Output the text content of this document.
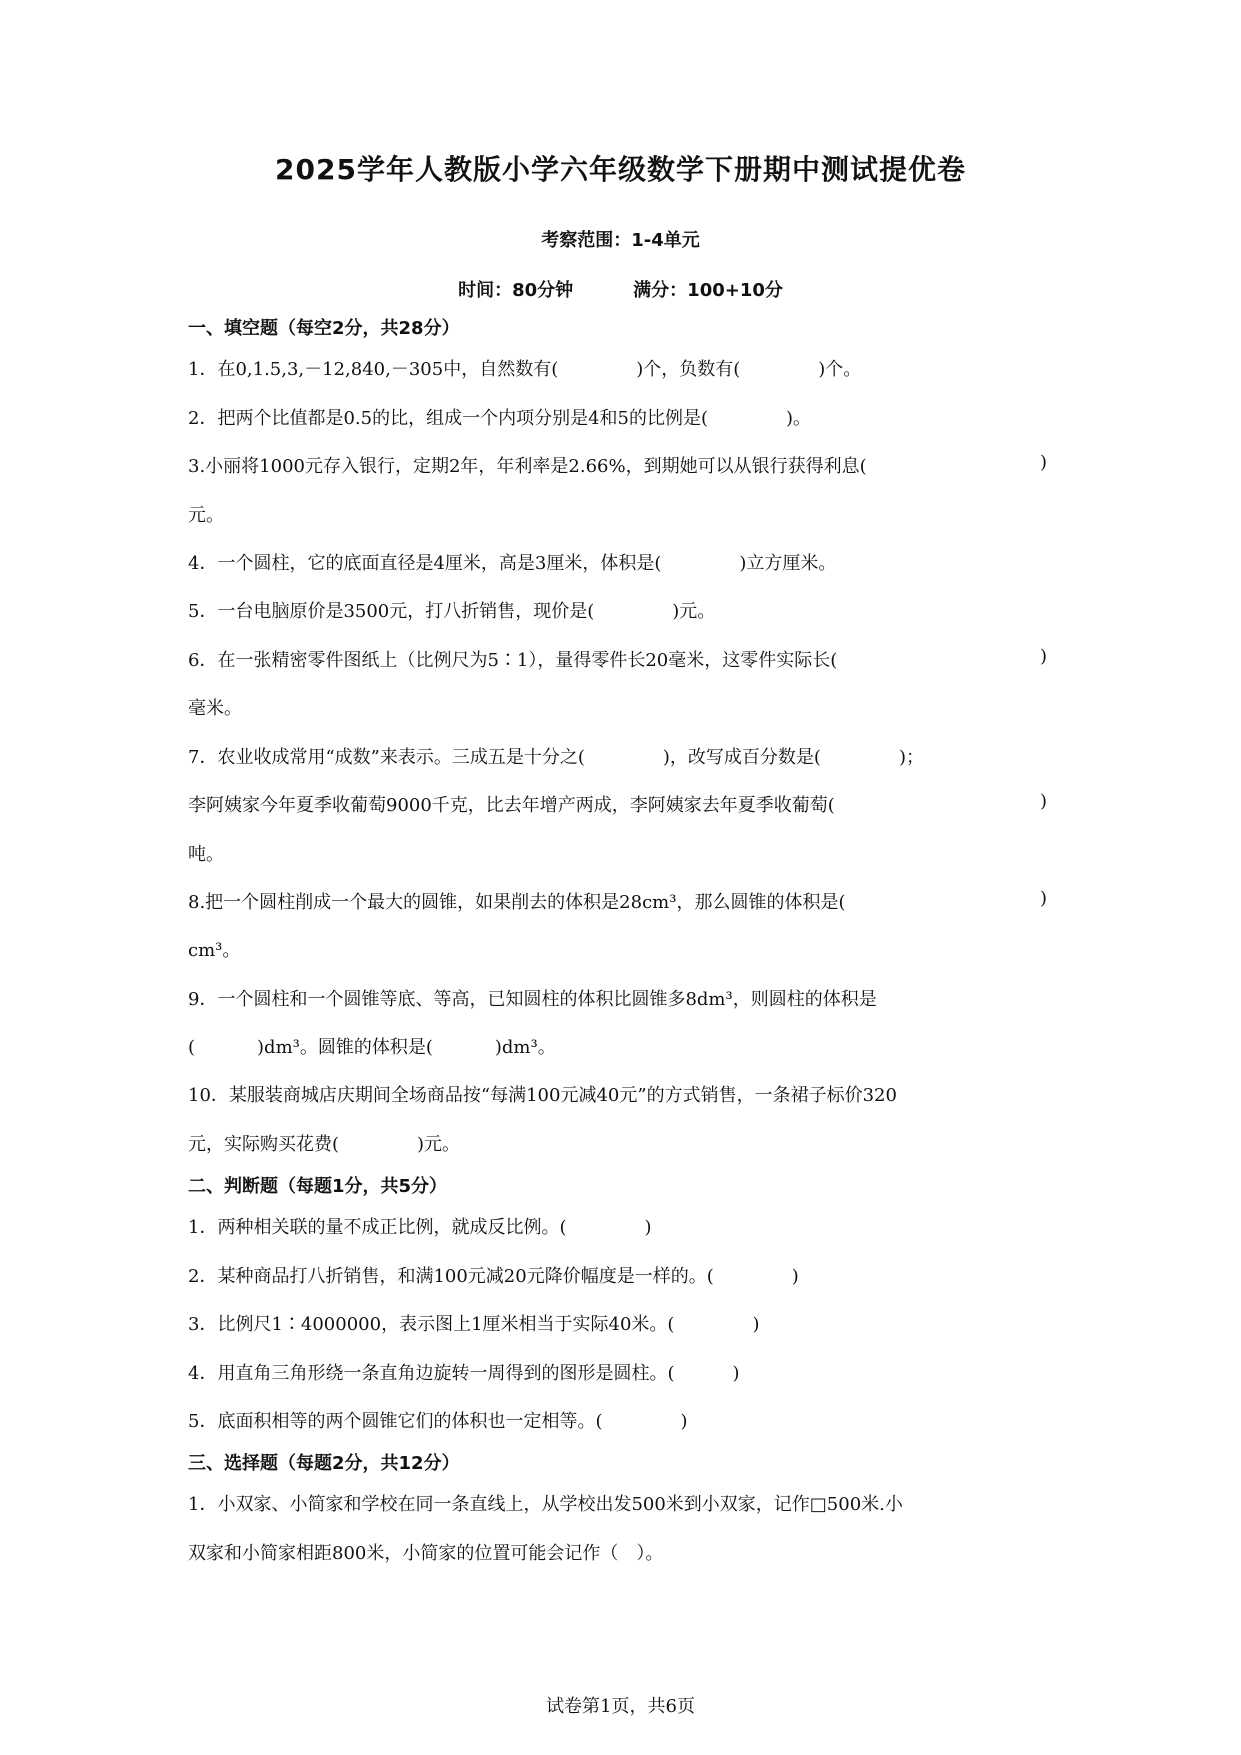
2025学年人教版小学六年级数学下册期中测试提优卷
考察范围：1-4单元
时间：80分钟	满分：100+10分
一、填空题（每空2分，共28分）
1．在0,1.5,3,－12,840,－305中，自然数有(	)个，负数有(	)个。
2．把两个比值都是0.5的比，组成一个内项分别是4和5的比例是(	)。
3.小丽将1000元存入银行，定期2年，年利率是2.66%，到期她可以从银行获得利息(	)
元。
4．一个圆柱，它的底面直径是4厘米，高是3厘米，体积是(	)立方厘米。
5．一台电脑原价是3500元，打八折销售，现价是(	)元。
6．在一张精密零件图纸上（比例尺为5∶1），量得零件长20毫米，这零件实际长(	)
毫米。
7．农业收成常用“成数”来表示。三成五是十分之(	)，改写成百分数是(	)；
李阿姨家今年夏季收葡萄9000千克，比去年增产两成，李阿姨家去年夏季收葡萄(	)
吨。
8.把一个圆柱削成一个最大的圆锥，如果削去的体积是28cm³，那么圆锥的体积是(	)
cm³。
9．一个圆柱和一个圆锥等底、等高，已知圆柱的体积比圆锥多8dm³，则圆柱的体积是
(	)dm³。圆锥的体积是(	)dm³。
10．某服装商城店庆期间全场商品按“每满100元减40元”的方式销售，一条裙子标价320
元，实际购买花费(	)元。
二、判断题（每题1分，共5分）
1．两种相关联的量不成正比例，就成反比例。(	)
2．某种商品打八折销售，和满100元减20元降价幅度是一样的。(	)
3．比例尺1∶4000000，表示图上1厘米相当于实际40米。(	)
4．用直角三角形绕一条直角边旋转一周得到的图形是圆柱。(	)
5．底面积相等的两个圆锥它们的体积也一定相等。(	)
三、选择题（每题2分，共12分）
1．小双家、小简家和学校在同一条直线上，从学校出发500米到小双家，记作□500米.小
双家和小简家相距800米，小简家的位置可能会记作（　）。
试卷第1页，共6页
